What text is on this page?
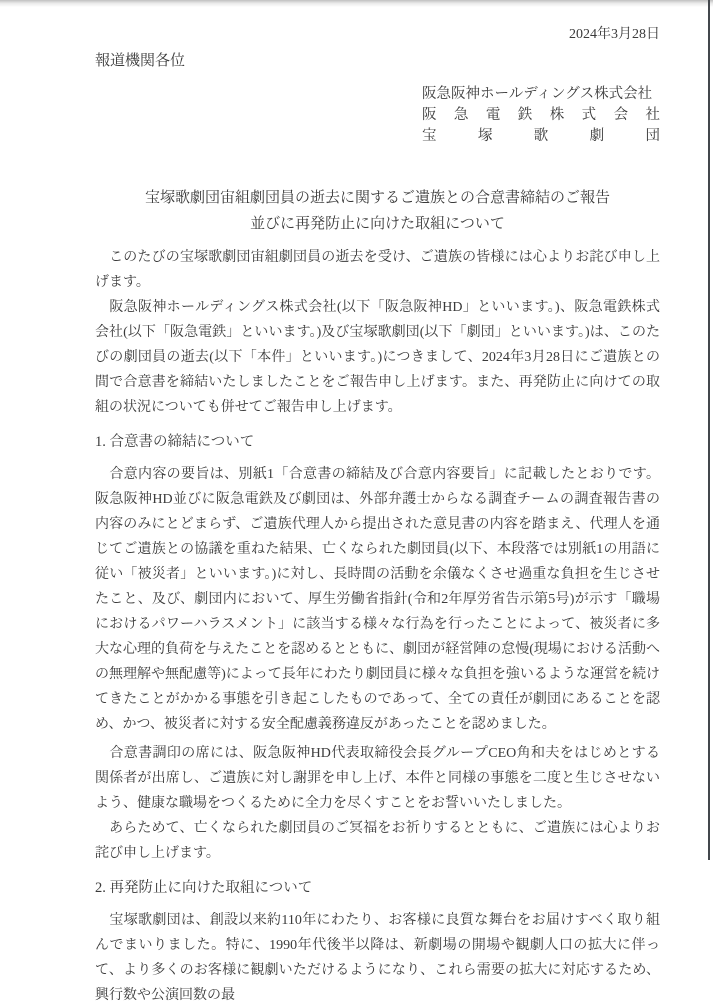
2024年3月28日
報道機関各位
阪急阪神ホールディングス株式会社
阪急電鉄株式会社
宝塚歌劇団
宝塚歌劇団宙組劇団員の逝去に関するご遺族との合意書締結のご報告
並びに再発防止に向けた取組について

　このたびの宝塚歌劇団宙組劇団員の逝去を受け、ご遺族の皆様には心よりお詫び申し上げます。

　阪急阪神ホールディングス株式会社(以下「阪急阪神HD」といいます。)、阪急電鉄株式会社(以下「阪急電鉄」といいます。)及び宝塚歌劇団(以下「劇団」といいます。)は、このたびの劇団員の逝去(以下「本件」といいます。)につきまして、2024年3月28日にご遺族との間で合意書を締結いたしましたことをご報告申し上げます。また、再発防止に向けての取組の状況についても併せてご報告申し上げます。

1. 合意書の締結について

　合意内容の要旨は、別紙1「合意書の締結及び合意内容要旨」に記載したとおりです。阪急阪神HD並びに阪急電鉄及び劇団は、外部弁護士からなる調査チームの調査報告書の内容のみにとどまらず、ご遺族代理人から提出された意見書の内容を踏まえ、代理人を通じてご遺族との協議を重ねた結果、亡くなられた劇団員(以下、本段落では別紙1の用語に従い「被災者」といいます。)に対し、長時間の活動を余儀なくさせ過重な負担を生じさせたこと、及び、劇団内において、厚生労働省指針(令和2年厚労省告示第5号)が示す「職場におけるパワーハラスメント」に該当する様々な行為を行ったことによって、被災者に多大な心理的負荷を与えたことを認めるとともに、劇団が経営陣の怠慢(現場における活動への無理解や無配慮等)によって長年にわたり劇団員に様々な負担を強いるような運営を続けてきたことがかかる事態を引き起こしたものであって、全ての責任が劇団にあることを認め、かつ、被災者に対する安全配慮義務違反があったことを認めました。

　合意書調印の席には、阪急阪神HD代表取締役会長グループCEO角和夫をはじめとする関係者が出席し、ご遺族に対し謝罪を申し上げ、本件と同様の事態を二度と生じさせないよう、健康な職場をつくるために全力を尽くすことをお誓いいたしました。

　あらためて、亡くなられた劇団員のご冥福をお祈りするとともに、ご遺族には心よりお詫び申し上げます。

2. 再発防止に向けた取組について

　宝塚歌劇団は、創設以来約110年にわたり、お客様に良質な舞台をお届けすべく取り組んでまいりました。特に、1990年代後半以降は、新劇場の開場や観劇人口の拡大に伴って、より多くのお客様に観劇いただけるようになり、これら需要の拡大に対応するため、興行数や公演回数の最
